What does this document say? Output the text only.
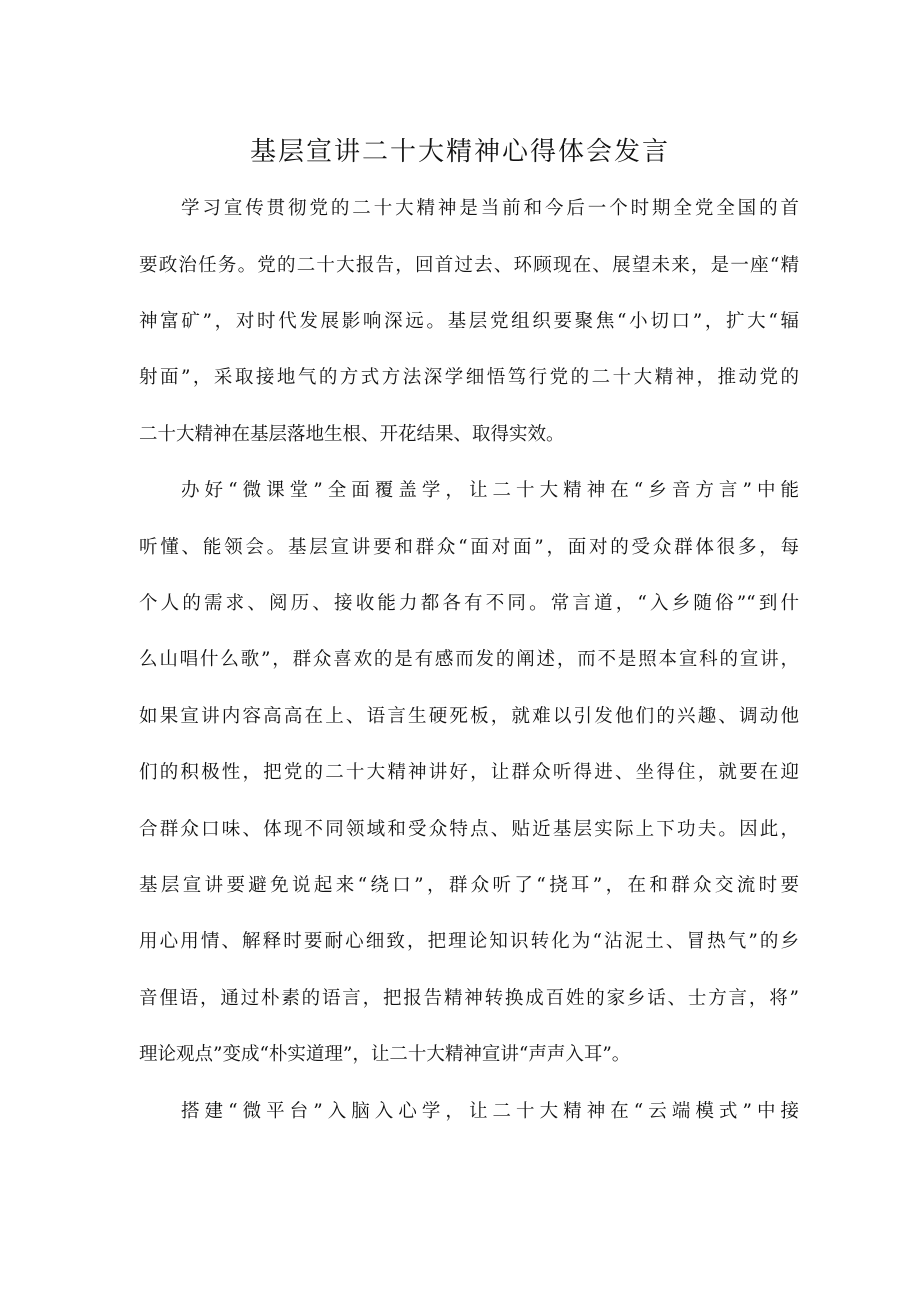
基层宣讲二十大精神心得体会发言

学习宣传贯彻党的二十大精神是当前和今后一个时期全党全国的首

要政治任务。党的二十大报告，回首过去、环顾现在、展望未来，是一座“精

神富矿”，对时代发展影响深远。基层党组织要聚焦“小切口”，扩大“辐

射面”，采取接地气的方式方法深学细悟笃行党的二十大精神，推动党的

二十大精神在基层落地生根、开花结果、取得实效。

办好“微课堂”全面覆盖学，让二十大精神在“乡音方言”中能

听懂、能领会。基层宣讲要和群众“面对面”，面对的受众群体很多，每

个人的需求、阅历、接收能力都各有不同。常言道，“入乡随俗”“到什

么山唱什么歌”，群众喜欢的是有感而发的阐述，而不是照本宣科的宣讲，

如果宣讲内容高高在上、语言生硬死板，就难以引发他们的兴趣、调动他

们的积极性，把党的二十大精神讲好，让群众听得进、坐得住，就要在迎

合群众口味、体现不同领域和受众特点、贴近基层实际上下功夫。因此，

基层宣讲要避免说起来“绕口”，群众听了“挠耳”，在和群众交流时要

用心用情、解释时要耐心细致，把理论知识转化为“沾泥土、冒热气”的乡

音俚语，通过朴素的语言，把报告精神转换成百姓的家乡话、士方言，将”

理论观点”变成“朴实道理”，让二十大精神宣讲“声声入耳”。

搭建“微平台”入脑入心学，让二十大精神在“云端模式”中接
